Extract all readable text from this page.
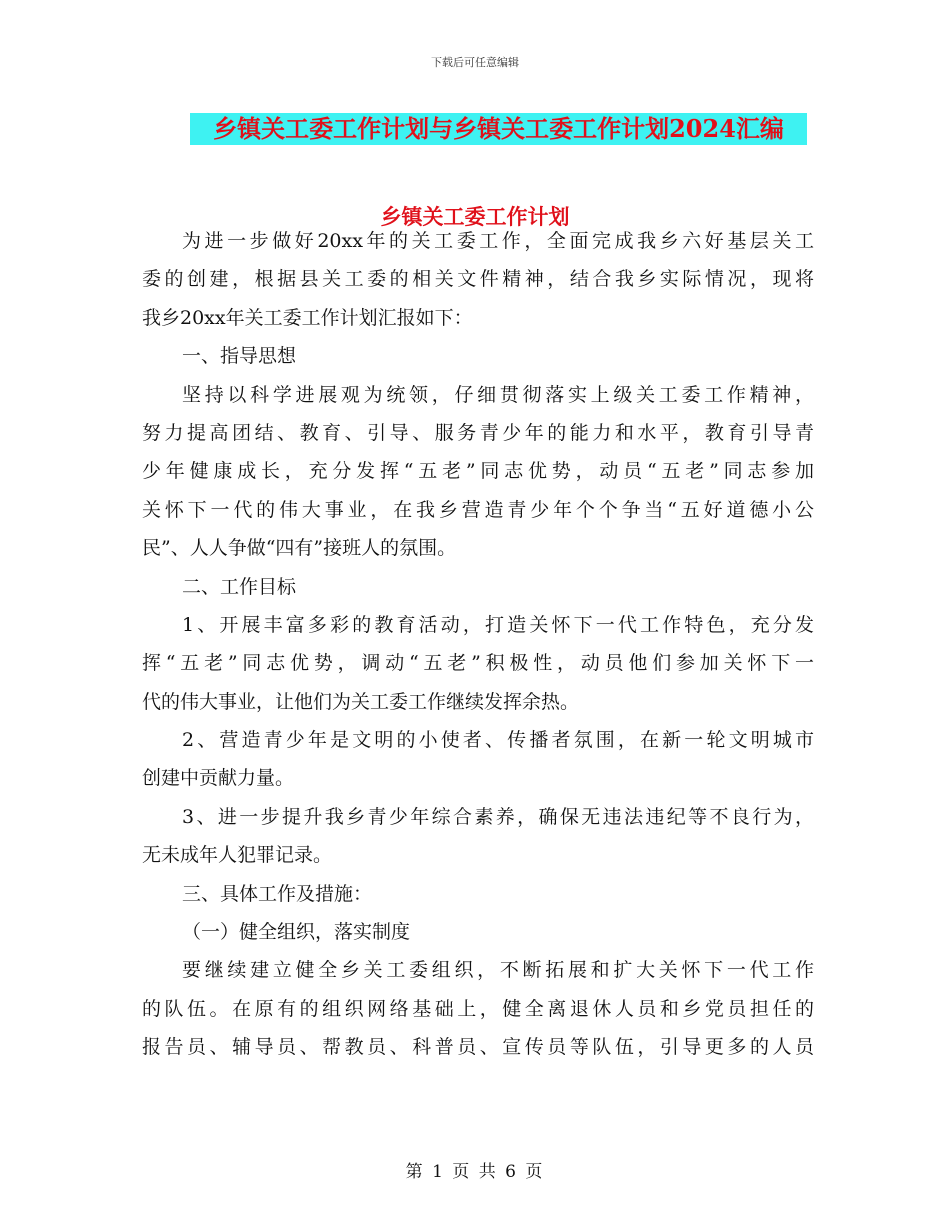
下载后可任意编辑
乡镇关工委工作计划与乡镇关工委工作计划2024汇编
乡镇关工委工作计划
为进一步做好20xx年的关工委工作，全面完成我乡六好基层关工
委的创建，根据县关工委的相关文件精神，结合我乡实际情况，现将
我乡20xx年关工委工作计划汇报如下：
一、指导思想
坚持以科学进展观为统领，仔细贯彻落实上级关工委工作精神，
努力提高团结、教育、引导、服务青少年的能力和水平，教育引导青
少年健康成长，充分发挥“五老”同志优势，动员“五老”同志参加
关怀下一代的伟大事业，在我乡营造青少年个个争当“五好道德小公
民”、人人争做“四有”接班人的氛围。
二、工作目标
1、开展丰富多彩的教育活动，打造关怀下一代工作特色，充分发
挥“五老”同志优势，调动“五老”积极性，动员他们参加关怀下一
代的伟大事业，让他们为关工委工作继续发挥余热。
2、营造青少年是文明的小使者、传播者氛围，在新一轮文明城市
创建中贡献力量。
3、进一步提升我乡青少年综合素养，确保无违法违纪等不良行为，
无未成年人犯罪记录。
三、具体工作及措施：
（一）健全组织，落实制度
要继续建立健全乡关工委组织，不断拓展和扩大关怀下一代工作
的队伍。在原有的组织网络基础上，健全离退休人员和乡党员担任的
报告员、辅导员、帮教员、科普员、宣传员等队伍，引导更多的人员
第 1 页 共 6 页
